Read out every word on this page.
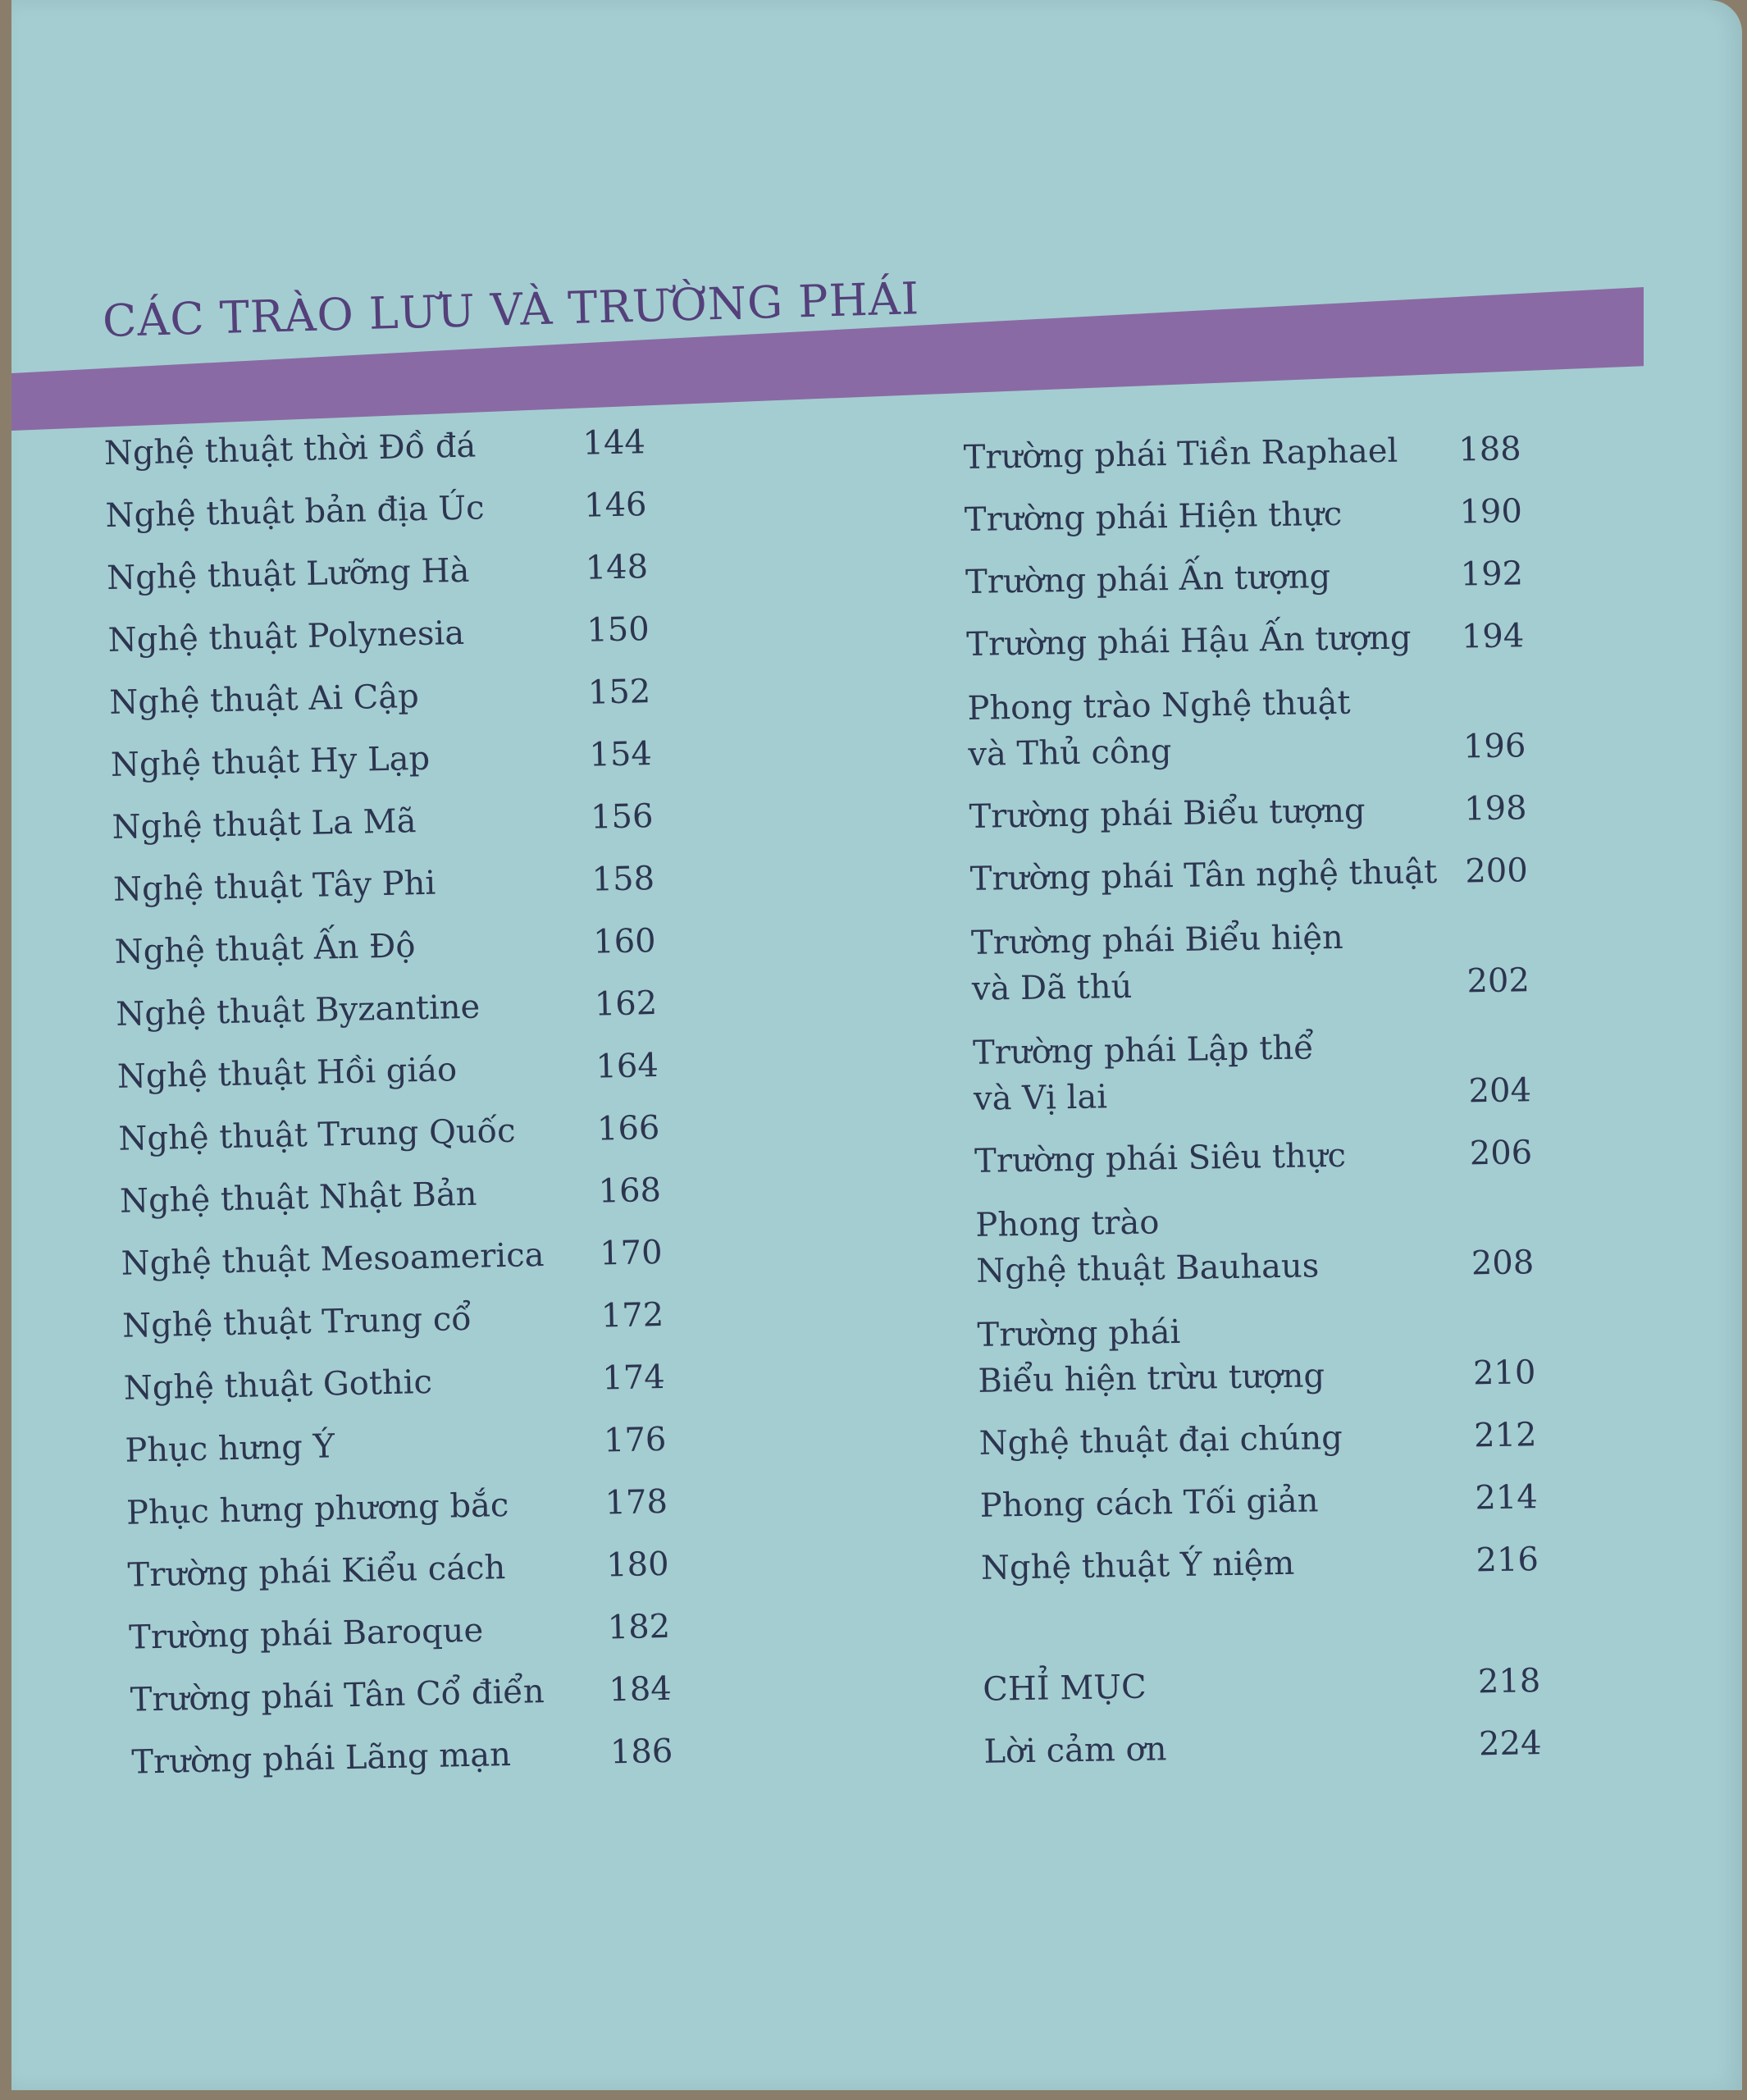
CÁC TRÀO LƯU VÀ TRƯỜNG PHÁI
Nghệ thuật thời Đồ đá	144
Nghệ thuật bản địa Úc	146
Nghệ thuật Lưỡng Hà	148
Nghệ thuật Polynesia	150
Nghệ thuật Ai Cập	152
Nghệ thuật Hy Lạp	154
Nghệ thuật La Mã	156
Nghệ thuật Tây Phi	158
Nghệ thuật Ấn Độ	160
Nghệ thuật Byzantine	162
Nghệ thuật Hồi giáo	164
Nghệ thuật Trung Quốc	166
Nghệ thuật Nhật Bản	168
Nghệ thuật Mesoamerica	170
Nghệ thuật Trung cổ	172
Nghệ thuật Gothic	174
Phục hưng Ý	176
Phục hưng phương bắc	178
Trường phái Kiểu cách	180
Trường phái Baroque	182
Trường phái Tân Cổ điển	184
Trường phái Lãng mạn	186
Trường phái Tiền Raphael	188
Trường phái Hiện thực	190
Trường phái Ấn tượng	192
Trường phái Hậu Ấn tượng	194
Phong trào Nghệ thuật
và Thủ công	196
Trường phái Biểu tượng	198
Trường phái Tân nghệ thuật 200
Trường phái Biểu hiện
và Dã thú	202
Trường phái Lập thể
và Vị lai	204
Trường phái Siêu thực	206
Phong trào
Nghệ thuật Bauhaus	208
Trường phái
Biểu hiện trừu tượng	210
Nghệ thuật đại chúng	212
Phong cách Tối giản	214
Nghệ thuật Ý niệm	216
CHỈ MỤC	218
Lời cảm ơn	224
